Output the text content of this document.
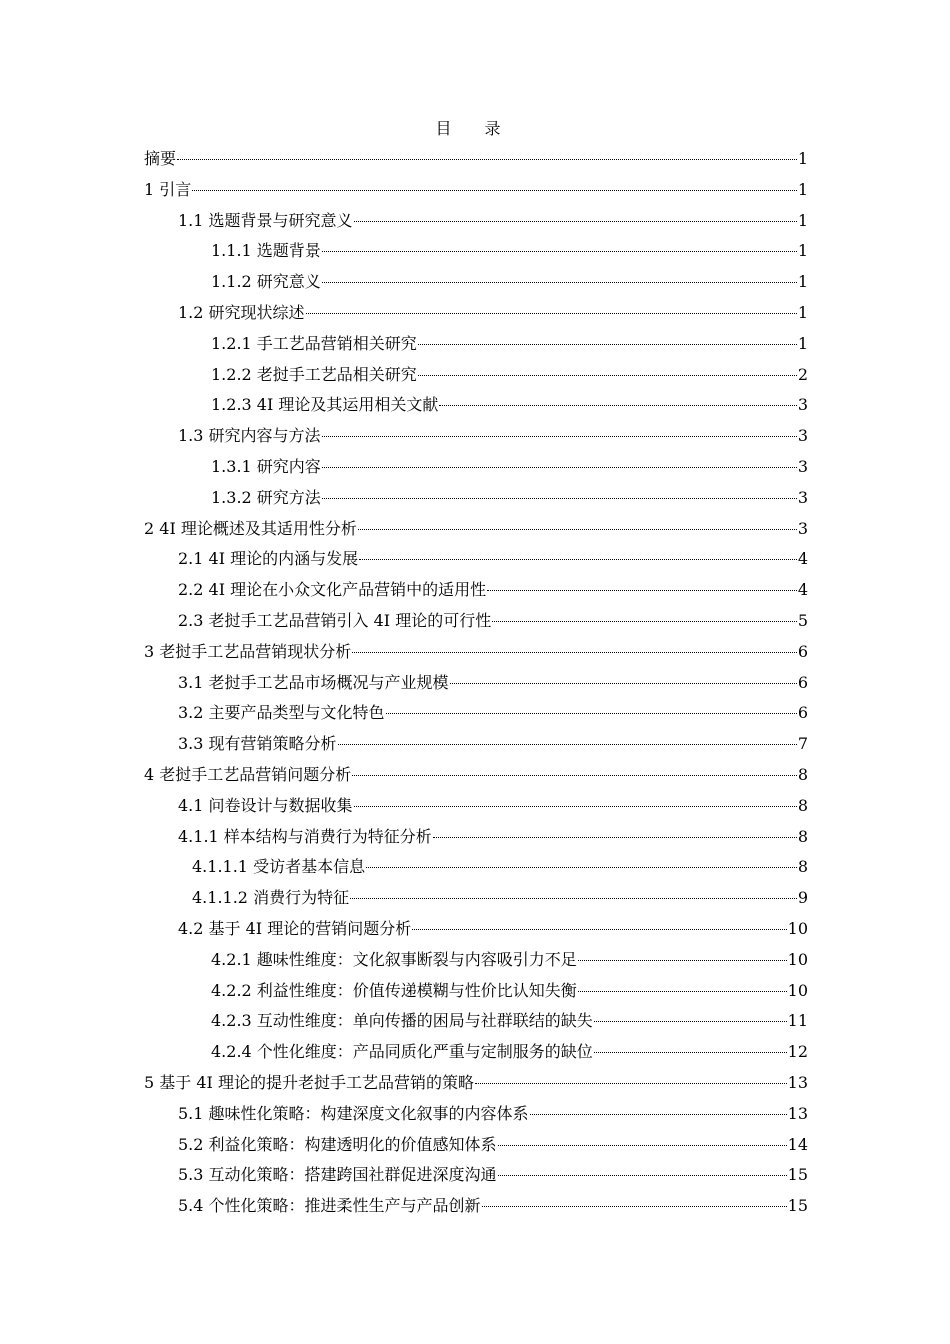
目 录
摘要	1
1 引言	1
1.1 选题背景与研究意义	1
1.1.1 选题背景	1
1.1.2 研究意义	1
1.2 研究现状综述	1
1.2.1 手工艺品营销相关研究	1
1.2.2 老挝手工艺品相关研究	2
1.2.3 4I 理论及其运用相关文献	3
1.3 研究内容与方法	3
1.3.1 研究内容	3
1.3.2 研究方法	3
2 4I 理论概述及其适用性分析	3
2.1 4I 理论的内涵与发展	4
2.2 4I 理论在小众文化产品营销中的适用性	4
2.3 老挝手工艺品营销引入 4I 理论的可行性	5
3 老挝手工艺品营销现状分析	6
3.1 老挝手工艺品市场概况与产业规模	6
3.2 主要产品类型与文化特色	6
3.3 现有营销策略分析	7
4 老挝手工艺品营销问题分析	8
4.1 问卷设计与数据收集	8
4.1.1 样本结构与消费行为特征分析	8
4.1.1.1 受访者基本信息	8
4.1.1.2 消费行为特征	9
4.2 基于 4I 理论的营销问题分析	10
4.2.1 趣味性维度：文化叙事断裂与内容吸引力不足	10
4.2.2 利益性维度：价值传递模糊与性价比认知失衡	10
4.2.3 互动性维度：单向传播的困局与社群联结的缺失	11
4.2.4 个性化维度：产品同质化严重与定制服务的缺位	12
5 基于 4I 理论的提升老挝手工艺品营销的策略	13
5.1 趣味性化策略：构建深度文化叙事的内容体系	13
5.2 利益化策略：构建透明化的价值感知体系	14
5.3 互动化策略：搭建跨国社群促进深度沟通	15
5.4 个性化策略：推进柔性生产与产品创新	15
